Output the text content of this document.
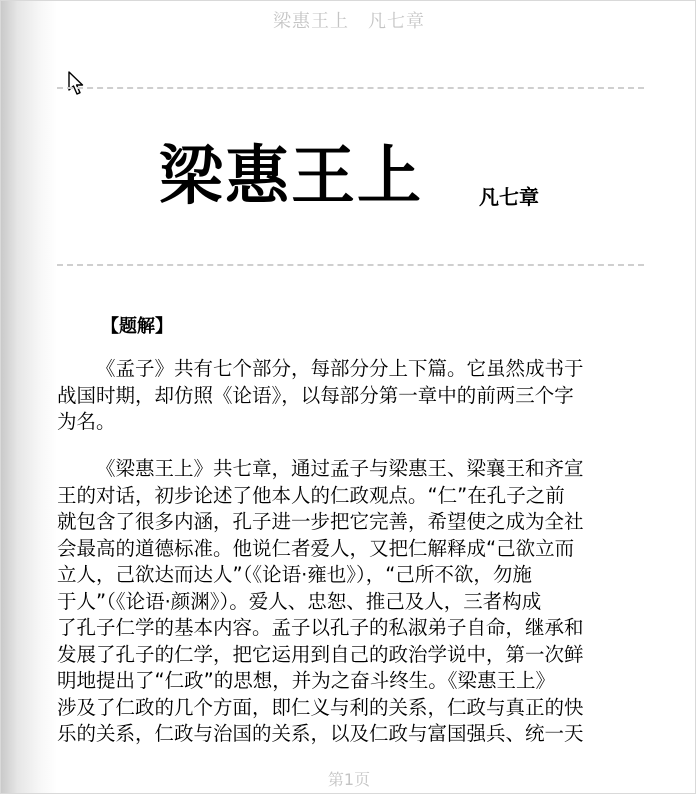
梁惠王上　凡七章
梁惠王上	凡七章
【题解】
《孟子》共有七个部分，每部分分上下篇。它虽然成书于
战国时期，却仿照《论语》，以每部分第一章中的前两三个字
为名。
《梁惠王上》共七章，通过孟子与梁惠王、梁襄王和齐宣
王的对话，初步论述了他本人的仁政观点。“仁”在孔子之前
就包含了很多内涵，孔子进一步把它完善，希望使之成为全社
会最高的道德标准。他说仁者爱人，又把仁解释成“己欲立而
立人，己欲达而达人”（《论语·雍也》），“己所不欲，勿施
于人”（《论语·颜渊》）。爱人、忠恕、推己及人，三者构成
了孔子仁学的基本内容。孟子以孔子的私淑弟子自命，继承和
发展了孔子的仁学，把它运用到自己的政治学说中，第一次鲜
明地提出了“仁政”的思想，并为之奋斗终生。《梁惠王上》
涉及了仁政的几个方面，即仁义与利的关系，仁政与真正的快
乐的关系，仁政与治国的关系，以及仁政与富国强兵、统一天
第1页
